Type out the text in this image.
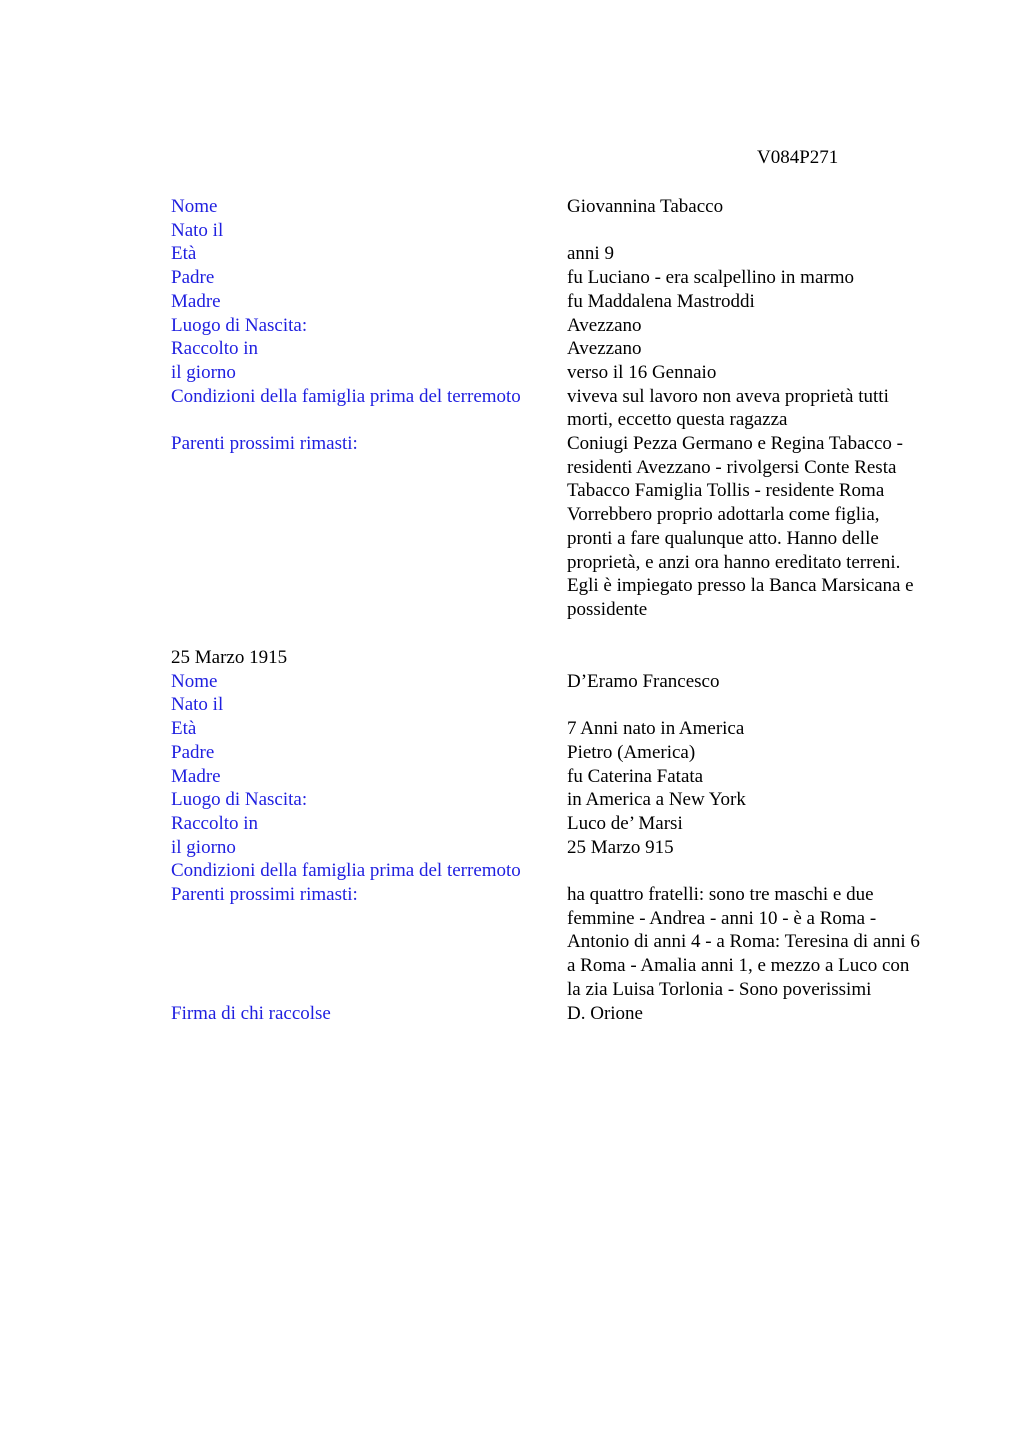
V084P271
Nome	Giovannina Tabacco
Nato il

Età	anni 9
Padre	fu Luciano - era scalpellino in marmo
Madre	fu Maddalena Mastroddi
Luogo di Nascita:	Avezzano
Raccolto in	Avezzano
il giorno	verso il 16 Gennaio
Condizioni della famiglia prima del terremoto	viveva sul lavoro non aveva proprietà tutti morti, eccetto questa ragazza
Parenti prossimi rimasti:	Coniugi Pezza Germano e Regina Tabacco - residenti Avezzano - rivolgersi Conte Resta Tabacco Famiglia Tollis - residente Roma Vorrebbero proprio adottarla come figlia, pronti a fare qualunque atto. Hanno delle proprietà, e anzi ora hanno ereditato terreni. Egli è impiegato presso la Banca Marsicana e possidente
25 Marzo 1915
Nome	D’Eramo Francesco
Nato il

Età	7 Anni nato in America
Padre	Pietro (America)
Madre	fu Caterina Fatata
Luogo di Nascita:	in America a New York
Raccolto in	Luco de’ Marsi
il giorno	25 Marzo 915
Condizioni della famiglia prima del terremoto

Parenti prossimi rimasti:	ha quattro fratelli: sono tre maschi e due femmine - Andrea - anni 10 - è a Roma - Antonio di anni 4 - a Roma: Teresina di anni 6 a Roma - Amalia anni 1, e mezzo a Luco con la zia Luisa Torlonia - Sono poverissimi
Firma di chi raccolse	D. Orione
